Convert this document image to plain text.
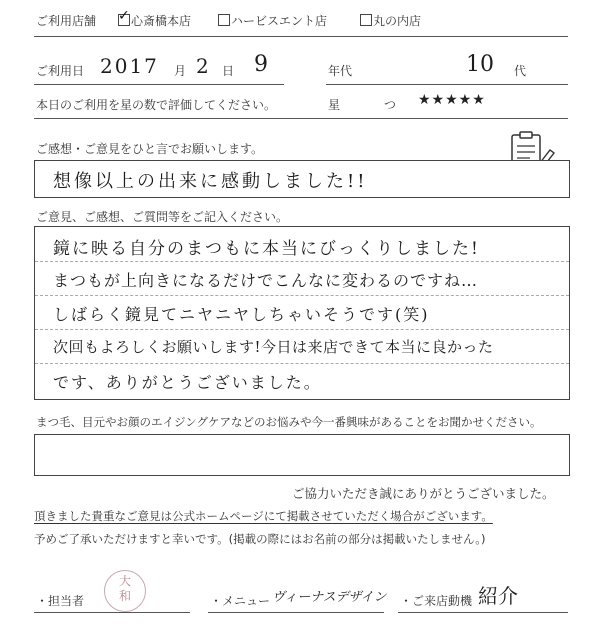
ご利用店舗
✓	心斎橋本店	ハービスエント店	丸の内店
ご利用日 2017 月 2 日 9	年代	10 代
本日のご利用を星の数で評価してください。	星	つ ★★★★★
ご感想・ご意見をひと言でお願いします。
想像以上の出来に感動しました!!
ご意見、ご感想、ご質問等をご記入ください。
鏡に映る自分のまつもに本当にびっくりしました!
まつもが上向きになるだけでこんなに変わるのですね…
しばらく鏡見てニヤニヤしちゃいそうです(笑)
次回もよろしくお願いします!今日は来店できて本当に良かった
です、ありがとうございました。
まつ毛、目元やお顔のエイジングケアなどのお悩みや今一番興味があることをお聞かせください。
ご協力いただき誠にありがとうございました。
頂きました貴重なご意見は公式ホームページにて掲載させていただく場合がございます。
予めご了承いただけますと幸いです。(掲載の際にはお名前の部分は掲載いたしません。)
・担当者
大和	・メニュー ヴィーナスデザイン ・ご来店動機 紹介
